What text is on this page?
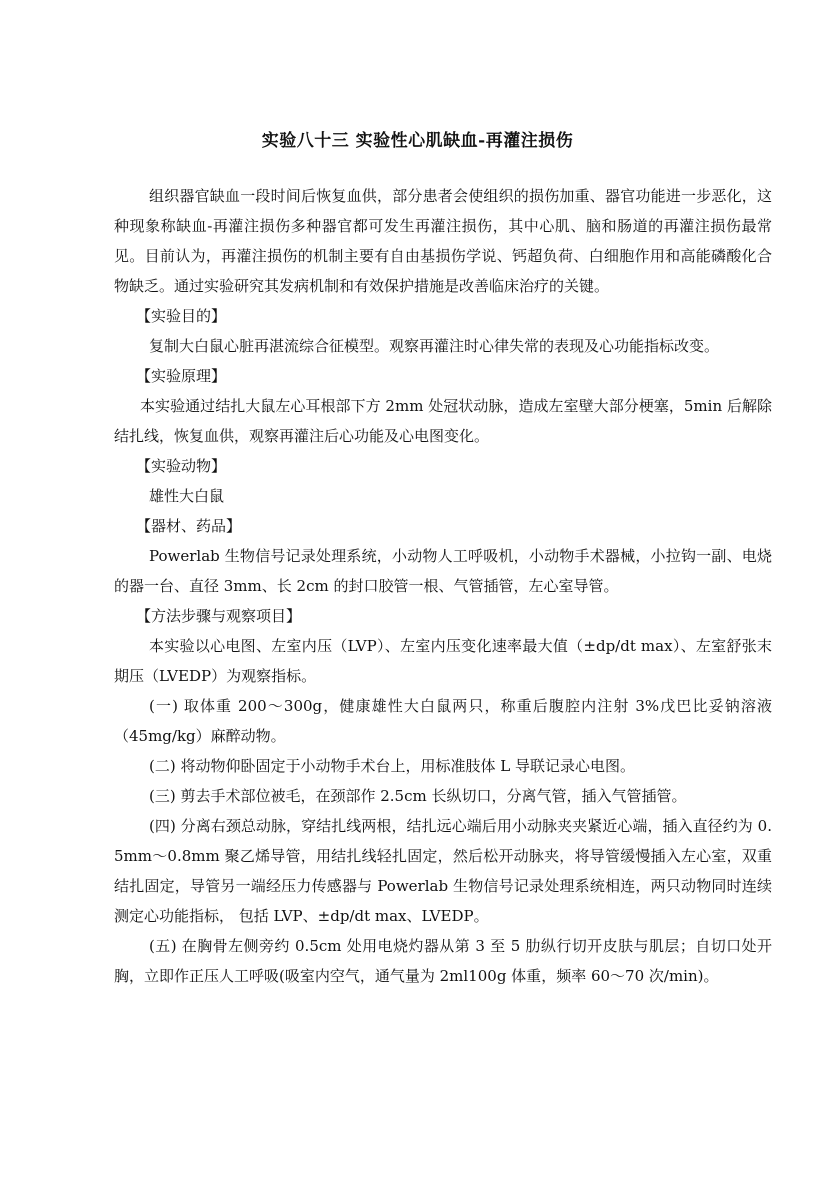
实验八十三 实验性心肌缺血-再灌注损伤

组织器官缺血一段时间后恢复血供，部分患者会使组织的损伤加重、器官功能进一步恶化，这种现象称缺血-再灌注损伤多种器官都可发生再灌注损伤，其中心肌、脑和肠道的再灌注损伤最常见。目前认为，再灌注损伤的机制主要有自由基损伤学说、钙超负荷、白细胞作用和高能磷酸化合物缺乏。通过实验研究其发病机制和有效保护措施是改善临床治疗的关键。

【实验目的】

复制大白鼠心脏再湛流综合征模型。观察再灌注时心律失常的表现及心功能指标改变。

【实验原理】

本实验通过结扎大鼠左心耳根部下方 2mm 处冠状动脉，造成左室壁大部分梗塞，5min 后解除结扎线，恢复血供，观察再灌注后心功能及心电图变化。

【实验动物】

雄性大白鼠

【器材、药品】

Powerlab 生物信号记录处理系统，小动物人工呼吸机，小动物手术器械，小拉钩一副、电烧的器一台、直径 3mm、长 2cm 的封口胶管一根、气管插管，左心室导管。

【方法步骤与观察项目】

本实验以心电图、左室内压（LVP）、左室内压变化速率最大值（±dp/dt max）、左室舒张末期压（LVEDP）为观察指标。

(一) 取体重 200～300g，健康雄性大白鼠两只，称重后腹腔内注射 3%戊巴比妥钠溶液（45mg/kg）麻醉动物。

(二) 将动物仰卧固定于小动物手术台上，用标准肢体 L 导联记录心电图。

(三) 剪去手术部位被毛，在颈部作 2.5cm 长纵切口，分离气管，插入气管插管。

(四) 分离右颈总动脉，穿结扎线两根，结扎远心端后用小动脉夹夹紧近心端，插入直径约为 0. 5mm～0.8mm 聚乙烯导管，用结扎线轻扎固定，然后松开动脉夹，将导管缓慢插入左心室，双重结扎固定，导管另一端经压力传感器与 Powerlab 生物信号记录处理系统相连，两只动物同时连续测定心功能指标， 包括 LVP、±dp/dt max、LVEDP。

(五) 在胸骨左侧旁约 0.5cm 处用电烧灼器从第 3 至 5 肋纵行切开皮肤与肌层；自切口处开胸，立即作正压人工呼吸(吸室内空气，通气量为 2ml100g 体重，频率 60～70 次/min)。
